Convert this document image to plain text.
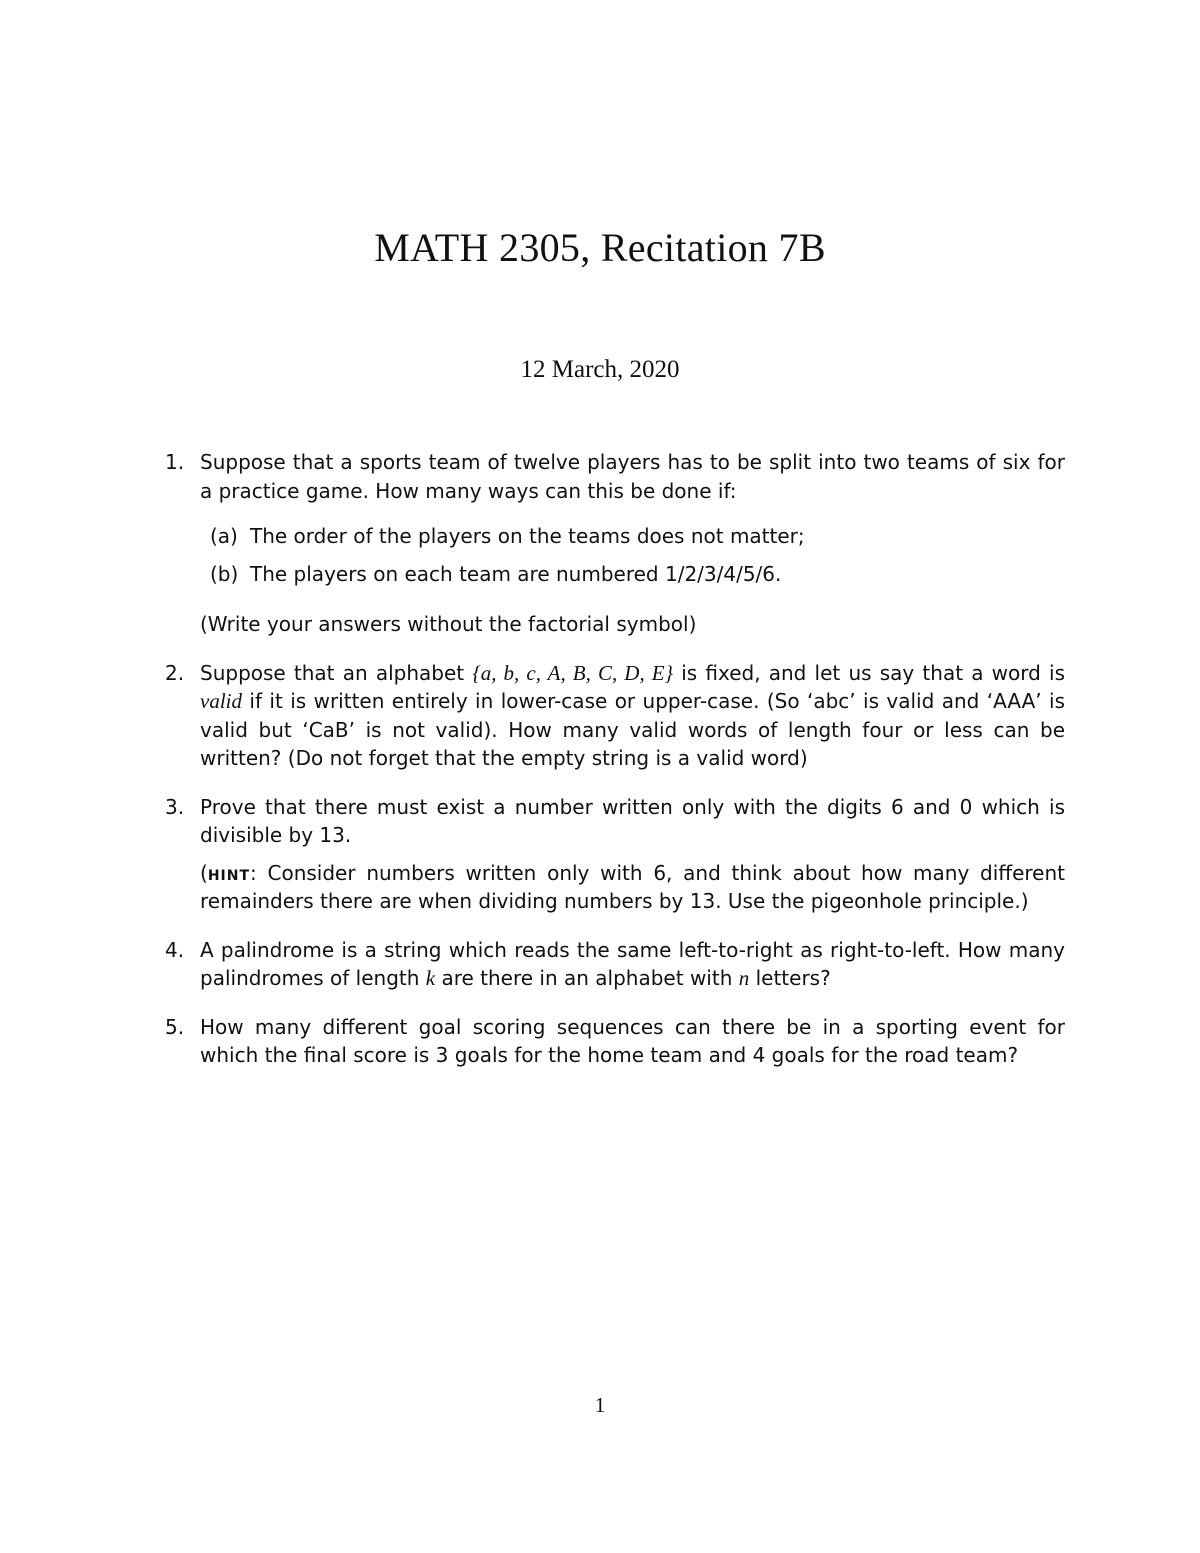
MATH 2305, Recitation 7B
12 March, 2020
1. Suppose that a sports team of twelve players has to be split into two teams of six for a practice game. How many ways can this be done if:

(a) The order of the players on the teams does not matter;

(b) The players on each team are numbered 1/2/3/4/5/6.

(Write your answers without the factorial symbol)

2. Suppose that an alphabet {a, b, c, A, B, C, D, E} is fixed, and let us say that a word is valid if it is written entirely in lower-case or upper-case. (So ‘abc’ is valid and ‘AAA’ is valid but ‘CaB’ is not valid). How many valid words of length four or less can be written? (Do not forget that the empty string is a valid word)

3. Prove that there must exist a number written only with the digits 6 and 0 which is divisible by 13.

(hint: Consider numbers written only with 6, and think about how many different remainders there are when dividing numbers by 13. Use the pigeonhole principle.)

4. A palindrome is a string which reads the same left-to-right as right-to-left. How many palindromes of length k are there in an alphabet with n letters?

5. How many different goal scoring sequences can there be in a sporting event for which the final score is 3 goals for the home team and 4 goals for the road team?

1
